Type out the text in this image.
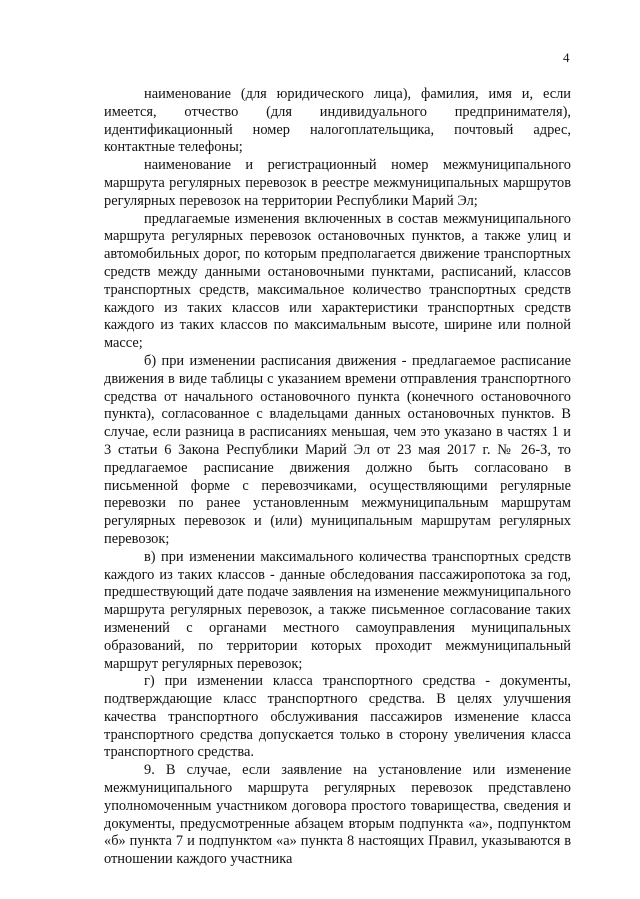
4

наименование (для юридического лица), фамилия, имя и, если имеется, отчество (для индивидуального предпринимателя), идентификационный номер налогоплательщика, почтовый адрес, контактные телефоны;

наименование и регистрационный номер межмуниципального маршрута регулярных перевозок в реестре межмуниципальных маршрутов регулярных перевозок на территории Республики Марий Эл;

предлагаемые изменения включенных в состав межмуниципального маршрута регулярных перевозок остановочных пунктов, а также улиц и автомобильных дорог, по которым предполагается движение транспортных средств между данными остановочными пунктами, расписаний, классов транспортных средств, максимальное количество транспортных средств каждого из таких классов или характеристики транспортных средств каждого из таких классов по максимальным высоте, ширине или полной массе;

б) при изменении расписания движения - предлагаемое расписание движения в виде таблицы с указанием времени отправления транспортного средства от начального остановочного пункта (конечного остановочного пункта), согласованное с владельцами данных остановочных пунктов. В случае, если разница в расписаниях меньшая, чем это указано в частях 1 и 3 статьи 6 Закона Республики Марий Эл от 23 мая 2017 г. № 26-З, то предлагаемое расписание движения должно быть согласовано в письменной форме с перевозчиками, осуществляющими регулярные перевозки по ранее установленным межмуниципальным маршрутам регулярных перевозок и (или) муниципальным маршрутам регулярных перевозок;

в) при изменении максимального количества транспортных средств каждого из таких классов - данные обследования пассажиропотока за год, предшествующий дате подаче заявления на изменение межмуниципального маршрута регулярных перевозок, а также письменное согласование таких изменений с органами местного самоуправления муниципальных образований, по территории которых проходит межмуниципальный маршрут регулярных перевозок;

г) при изменении класса транспортного средства - документы, подтверждающие класс транспортного средства. В целях улучшения качества транспортного обслуживания пассажиров изменение класса транспортного средства допускается только в сторону увеличения класса транспортного средства.

9. В случае, если заявление на установление или изменение межмуниципального маршрута регулярных перевозок представлено уполномоченным участником договора простого товарищества, сведения и документы, предусмотренные абзацем вторым подпункта «а», подпунктом «б» пункта 7 и подпунктом «а» пункта 8 настоящих Правил, указываются в отношении каждого участника
